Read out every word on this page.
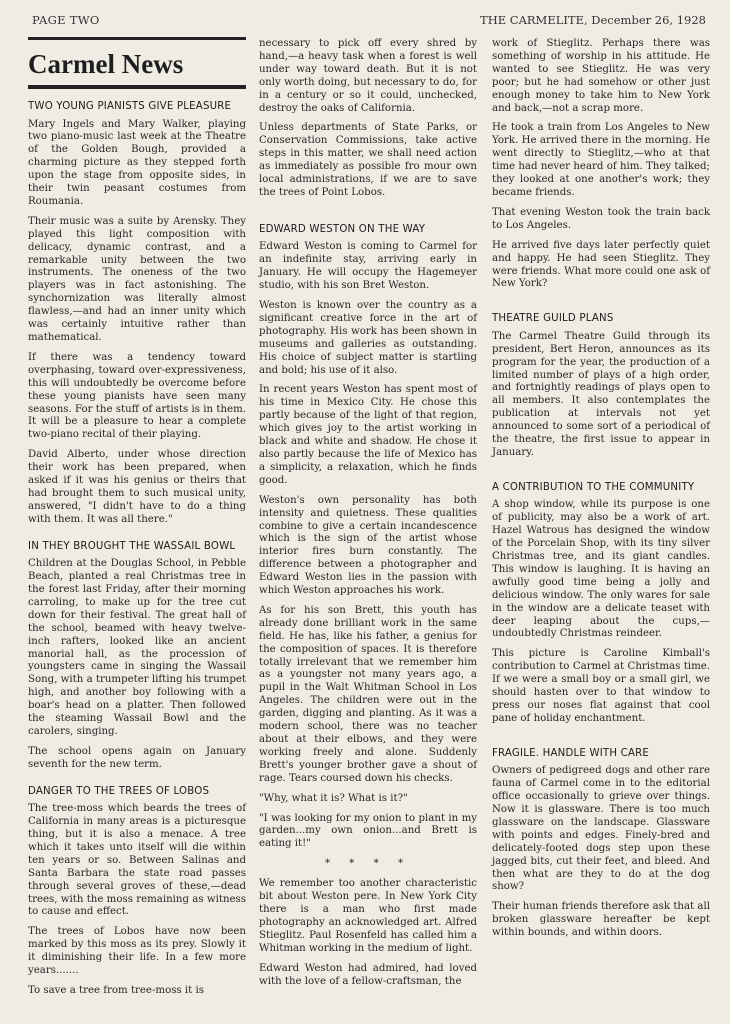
PAGE TWO	THE CARMELITE, December 26, 1928
Carmel News
TWO YOUNG PIANISTS GIVE PLEASURE

Mary Ingels and Mary Walker, playing two piano-music last week at the Theatre of the Golden Bough, provided a charming picture as they stepped forth upon the stage from opposite sides, in their twin peasant costumes from Roumania.

Their music was a suite by Arensky. They played this light composition with delicacy, dynamic contrast, and a remarkable unity between the two instruments. The oneness of the two players was in fact astonishing. The synchornization was literally almost flawless,—and had an inner unity which was certainly intuitive rather than mathematical.

If there was a tendency toward overphasing, toward over-expressiveness, this will undoubtedly be overcome before these young pianists have seen many seasons. For the stuff of artists is in them. It will be a pleasure to hear a complete two-piano recital of their playing.

David Alberto, under whose direction their work has been prepared, when asked if it was his genius or theirs that had brought them to such musical unity, answered, "I didn't have to do a thing with them. It was all there."

IN THEY BROUGHT THE WASSAIL BOWL

Children at the Douglas School, in Pebble Beach, planted a real Christmas tree in the forest last Friday, after their morning carroling, to make up for the tree cut down for their festival. The great hall of the school, beamed with heavy twelve-inch rafters, looked like an ancient manorial hall, as the procession of youngsters came in singing the Wassail Song, with a trumpeter lifting his trumpet high, and another boy following with a boar's head on a platter. Then followed the steaming Wassail Bowl and the carolers, singing.

The school opens again on January seventh for the new term.

DANGER TO THE TREES OF LOBOS

The tree-moss which beards the trees of California in many areas is a picturesque thing, but it is also a menace. A tree which it takes unto itself will die within ten years or so. Between Salinas and Santa Barbara the state road passes through several groves of these,—dead trees, with the moss remaining as witness to cause and effect.

The trees of Lobos have now been marked by this moss as its prey. Slowly it it diminishing their life. In a few more years.......

To save a tree from tree-moss it is

necessary to pick off every shred by hand,—a heavy task when a forest is well under way toward death. But it is not only worth doing, but necessary to do, for in a century or so it could, unchecked, destroy the oaks of California.

Unless departments of State Parks, or Conservation Commissions, take active steps in this matter, we shall need action as immediately as possible fro mour own local administrations, if we are to save the trees of Point Lobos.

EDWARD WESTON ON THE WAY

Edward Weston is coming to Carmel for an indefinite stay, arriving early in January. He will occupy the Hagemeyer studio, with his son Bret Weston.

Weston is known over the country as a significant creative force in the art of photography. His work has been shown in museums and galleries as outstanding. His choice of subject matter is startling and bold; his use of it also.

In recent years Weston has spent most of his time in Mexico City. He chose this partly because of the light of that region, which gives joy to the artist working in black and white and shadow. He chose it also partly because the life of Mexico has a simplicity, a relaxation, which he finds good.

Weston's own personality has both intensity and quietness. These qualities combine to give a certain incandescence which is the sign of the artist whose interior fires burn constantly. The difference between a photographer and Edward Weston lies in the passion with which Weston approaches his work.

As for his son Brett, this youth has already done brilliant work in the same field. He has, like his father, a genius for the composition of spaces. It is therefore totally irrelevant that we remember him as a youngster not many years ago, a pupil in the Walt Whitman School in Los Angeles. The children were out in the garden, digging and planting. As it was a modern school, there was no teacher about at their elbows, and they were working freely and alone. Suddenly Brett's younger brother gave a shout of rage. Tears coursed down his checks.

"Why, what it is? What is it?"

"I was looking for my onion to plant in my garden...my own onion...and Brett is eating it!"

* * * *

We remember too another characteristic bit about Weston pere. In New York City there is a man who first made photography an acknowledged art. Alfred Stieglitz. Paul Rosenfeld has called him a Whitman working in the medium of light.

Edward Weston had admired, had loved with the love of a fellow-craftsman, the

work of Stieglitz. Perhaps there was something of worship in his attitude. He wanted to see Stieglitz. He was very poor; but he had somehow or other just enough money to take him to New York and back,—not a scrap more.

He took a train from Los Angeles to New York. He arrived there in the morning. He went directly to Stieglitz,—who at that time had never heard of him. They talked; they looked at one another's work; they became friends.

That evening Weston took the train back to Los Angeles.

He arrived five days later perfectly quiet and happy. He had seen Stieglitz. They were friends. What more could one ask of New York?

THEATRE GUILD PLANS

The Carmel Theatre Guild through its president, Bert Heron, announces as its program for the year, the production of a limited number of plays of a high order, and fortnightly readings of plays open to all members. It also contemplates the publication at intervals not yet announced to some sort of a periodical of the theatre, the first issue to appear in January.

A CONTRIBUTION TO THE COMMUNITY

A shop window, while its purpose is one of publicity, may also be a work of art. Hazel Watrous has designed the window of the Porcelain Shop, with its tiny silver Christmas tree, and its giant candles. This window is laughing. It is having an awfully good time being a jolly and delicious window. The only wares for sale in the window are a delicate teaset with deer leaping about the cups,—undoubtedly Christmas reindeer.

This picture is Caroline Kimball's contribution to Carmel at Christmas time. If we were a small boy or a small girl, we should hasten over to that window to press our noses flat against that cool pane of holiday enchantment.

FRAGILE. HANDLE WITH CARE

Owners of pedigreed dogs and other rare fauna of Carmel come in to the editorial office occasionally to grieve over things. Now it is glassware. There is too much glassware on the landscape. Glassware with points and edges. Finely-bred and delicately-footed dogs step upon these jagged bits, cut their feet, and bleed. And then what are they to do at the dog show?

Their human friends therefore ask that all broken glassware hereafter be kept within bounds, and within doors.
